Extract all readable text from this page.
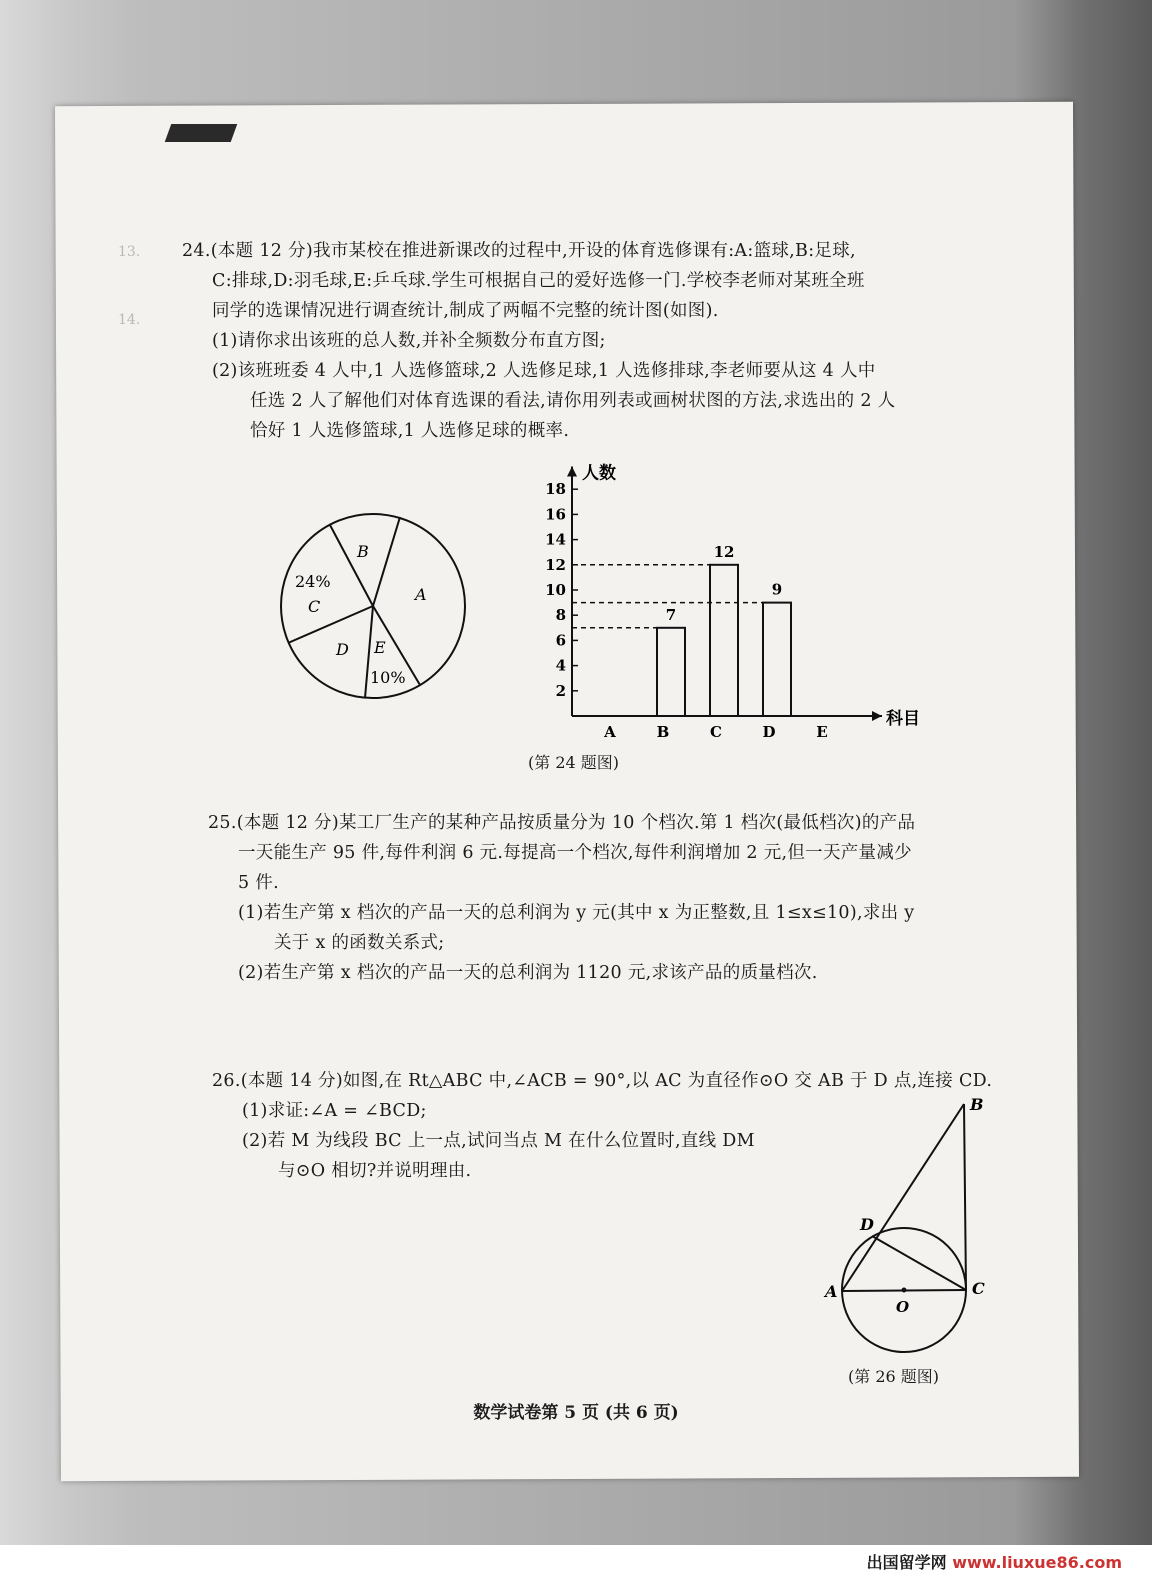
13.
14.
24.(本题 12 分)我市某校在推进新课改的过程中,开设的体育选修课有:A:篮球,B:足球,
C:排球,D:羽毛球,E:乒乓球.学生可根据自己的爱好选修一门.学校李老师对某班全班
同学的选课情况进行调查统计,制成了两幅不完整的统计图(如图).
(1)请你求出该班的总人数,并补全频数分布直方图;
(2)该班班委 4 人中,1 人选修篮球,2 人选修足球,1 人选修排球,李老师要从这 4 人中
任选 2 人了解他们对体育选课的看法,请你用列表或画树状图的方法,求选出的 2 人
恰好 1 人选修篮球,1 人选修足球的概率.
B
24%
C
A
D E
10%
人数
科目
2
4
6
8
10
12
14
16
18
A	B
7
C
12
D
9
E
(第 24 题图)
25.(本题 12 分)某工厂生产的某种产品按质量分为 10 个档次.第 1 档次(最低档次)的产品
一天能生产 95 件,每件利润 6 元.每提高一个档次,每件利润增加 2 元,但一天产量减少
5 件.
(1)若生产第 x 档次的产品一天的总利润为 y 元(其中 x 为正整数,且 1≤x≤10),求出 y
关于 x 的函数关系式;
(2)若生产第 x 档次的产品一天的总利润为 1120 元,求该产品的质量档次.
26.(本题 14 分)如图,在 Rt△ABC 中,∠ACB = 90°,以 AC 为直径作⊙O 交 AB 于 D 点,连接 CD.
(1)求证:∠A = ∠BCD;
(2)若 M 为线段 BC 上一点,试问当点 M 在什么位置时,直线 DM
与⊙O 相切?并说明理由.
B
D
A	C
O
(第 26 题图)
数学试卷第 5 页 (共 6 页)
出国留学网 www.liuxue86.com
